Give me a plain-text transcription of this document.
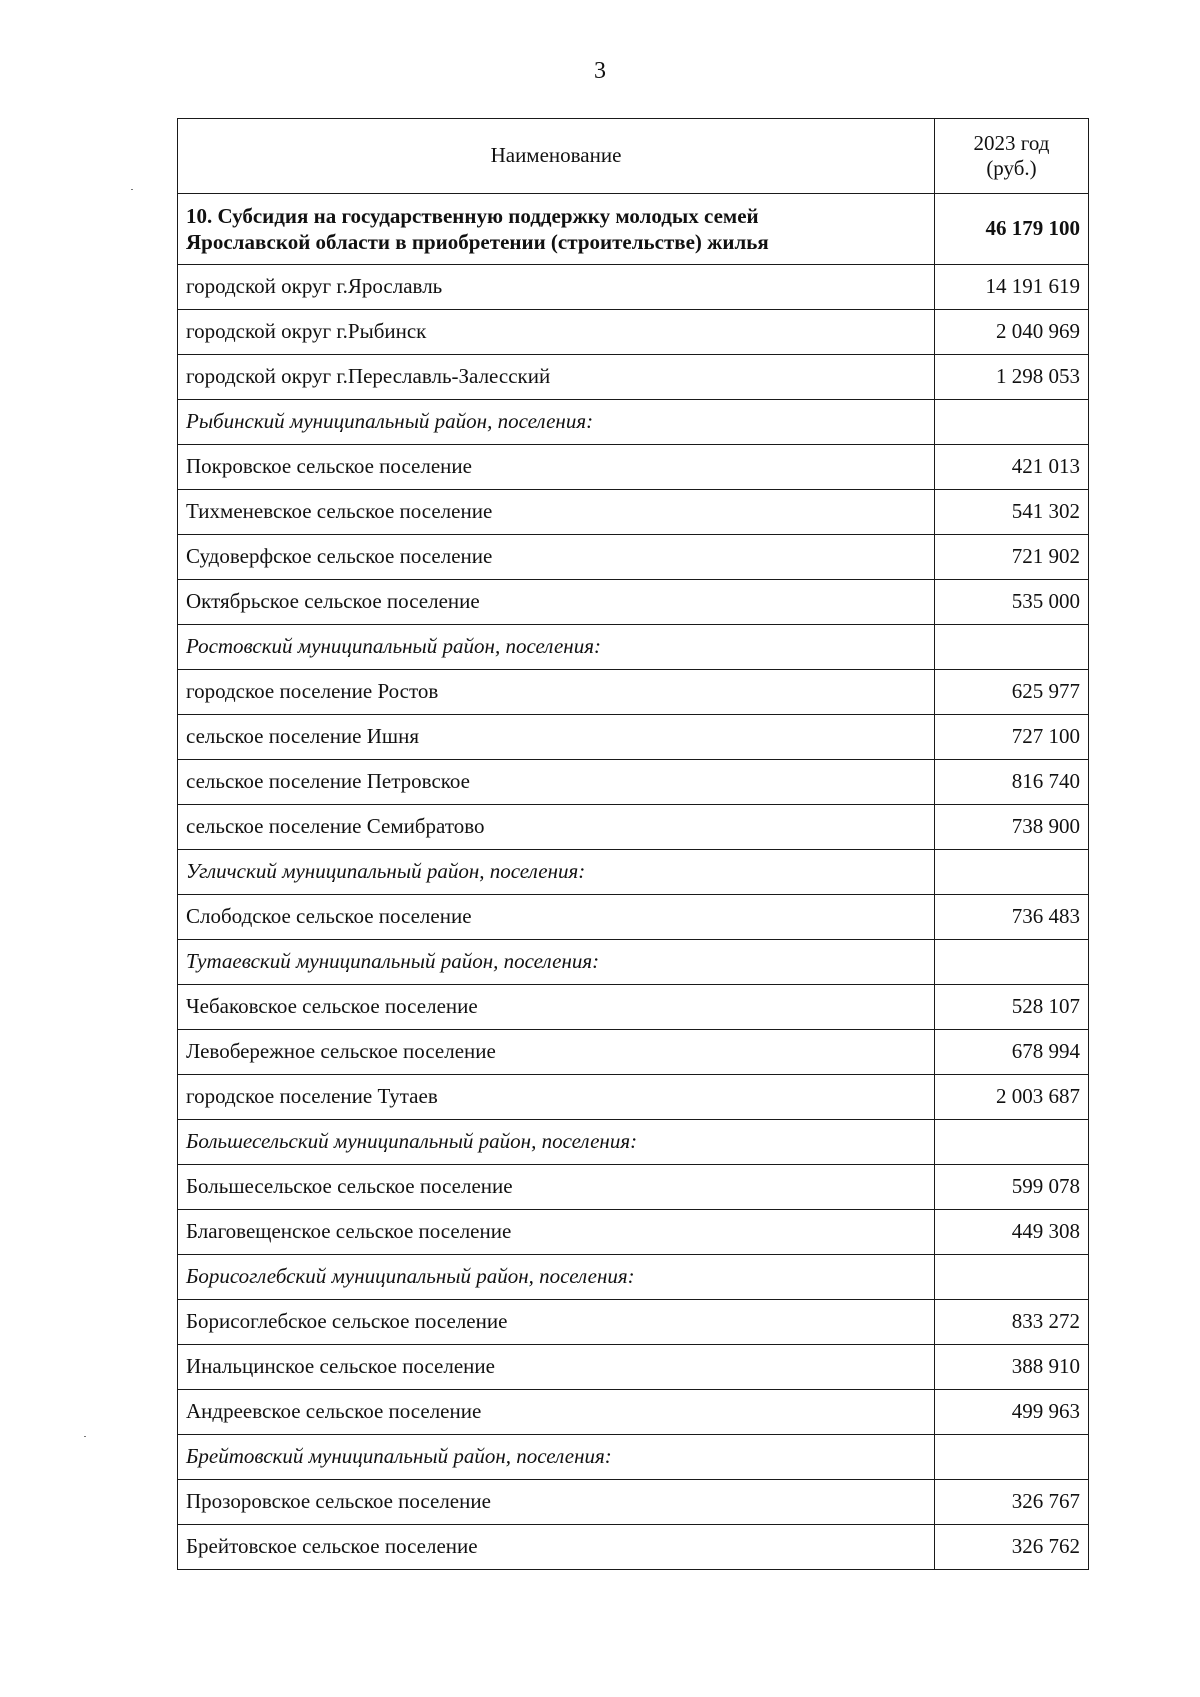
3
Наименование	2023 год
(руб.)
10. Субсидия на государственную поддержку молодых семей
Ярославской области в приобретении (строительстве) жилья	46 179 100
городской округ г.Ярославль	14 191 619
городской округ г.Рыбинск	2 040 969
городской округ г.Переславль-Залесский	1 298 053
Рыбинский муниципальный район, поселения:	
Покровское сельское поселение	421 013
Тихменевское сельское поселение	541 302
Судоверфское сельское поселение	721 902
Октябрьское сельское поселение	535 000
Ростовский муниципальный район, поселения:	
городское поселение Ростов	625 977
сельское поселение Ишня	727 100
сельское поселение Петровское	816 740
сельское поселение Семибратово	738 900
Угличский муниципальный район, поселения:	
Слободское сельское поселение	736 483
Тутаевский муниципальный район, поселения:	
Чебаковское сельское поселение	528 107
Левобережное сельское поселение	678 994
городское поселение Тутаев	2 003 687
Большесельский муниципальный район, поселения:	
Большесельское сельское поселение	599 078
Благовещенское сельское поселение	449 308
Борисоглебский муниципальный район, поселения:	
Борисоглебское сельское поселение	833 272
Инальцинское сельское поселение	388 910
Андреевское сельское поселение	499 963
Брейтовский муниципальный район, поселения:	
Прозоровское сельское поселение	326 767
Брейтовское сельское поселение	326 762
